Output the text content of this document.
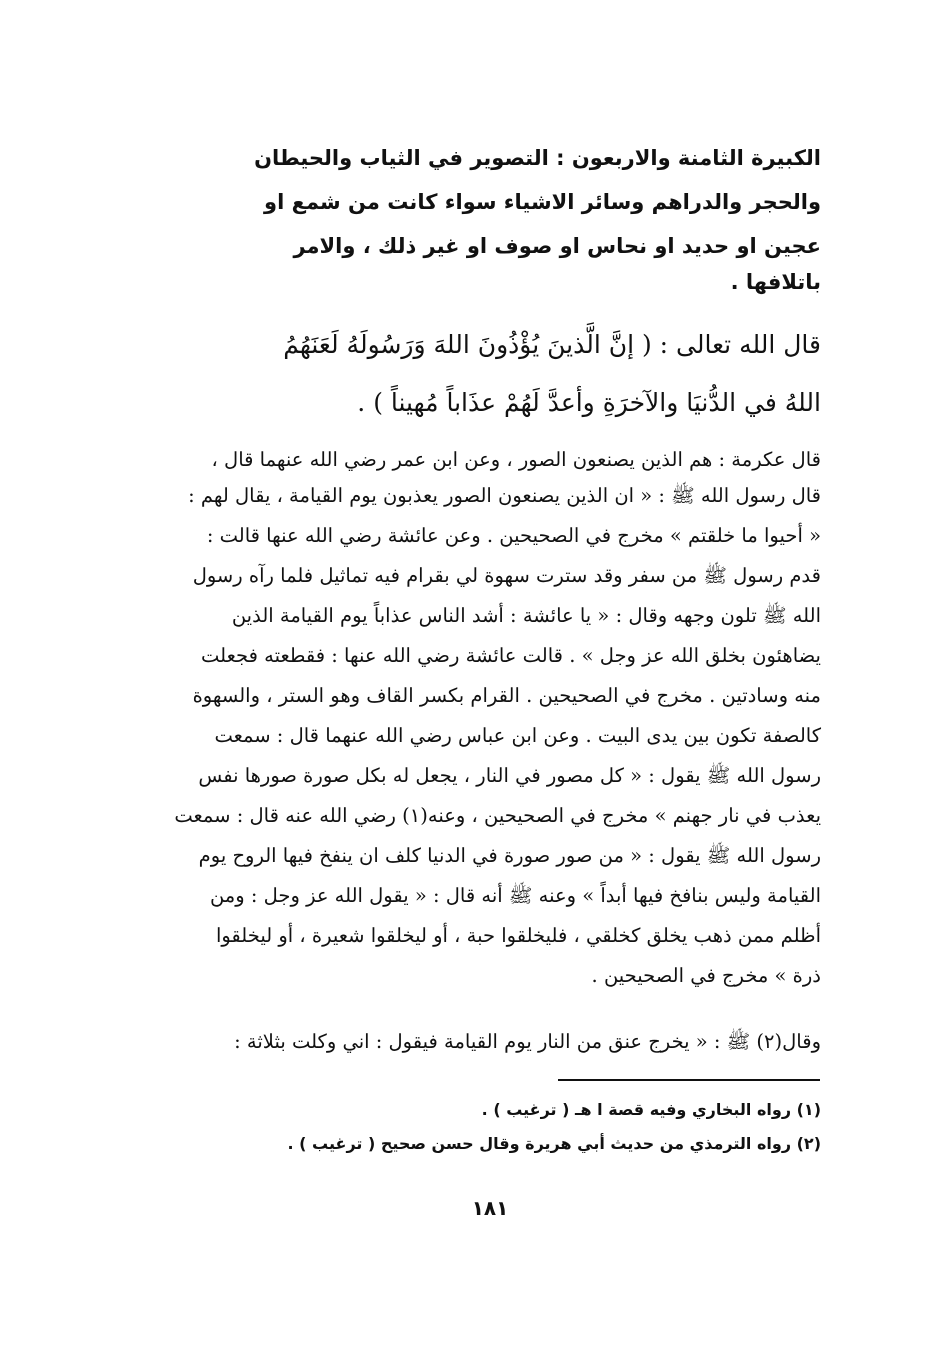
الكبيرة الثامنة والاربعون : التصوير في الثياب والحيطان
والحجر والدراهم وسائر الاشياء سواء كانت من شمع او
عجين او حديد او نحاس او صوف او غير ذلك ، والامر
باتلافها .
قال الله تعالى : ( إنَّ الَّذينَ يُؤْذُونَ اللهَ وَرَسُولَهُ لَعَنَهُمُ
اللهُ في الدُّنيَا والآخرَةِ وأعدَّ لَهُمْ عذَاباً مُهيناً ) .
قال عكرمة : هم الذين يصنعون الصور ، وعن ابن عمر رضي الله عنهما قال ،
قال رسول الله ﷺ : « ان الذين يصنعون الصور يعذبون يوم القيامة ، يقال لهم :
« أحيوا ما خلقتم » مخرج في الصحيحين . وعن عائشة رضي الله عنها قالت :
قدم رسول ﷺ من سفر وقد سترت سهوة لي بقرام فيه تماثيل فلما رآه رسول
الله ﷺ تلون وجهه وقال : « يا عائشة : أشد الناس عذاباً يوم القيامة الذين
يضاهئون بخلق الله عز وجل » . قالت عائشة رضي الله عنها : فقطعته فجعلت
منه وسادتين . مخرج في الصحيحين . القرام بكسر القاف وهو الستر ، والسهوة
كالصفة تكون بين يدى البيت . وعن ابن عباس رضي الله عنهما قال : سمعت
رسول الله ﷺ يقول : « كل مصور في النار ، يجعل له بكل صورة صورها نفس
يعذب في نار جهنم » مخرج في الصحيحين ، وعنه(١) رضي الله عنه قال : سمعت
رسول الله ﷺ يقول : « من صور صورة في الدنيا كلف ان ينفخ فيها الروح يوم
القيامة وليس بنافخ فيها أبداً » وعنه ﷺ أنه قال : « يقول الله عز وجل : ومن
أظلم ممن ذهب يخلق كخلقي ، فليخلقوا حبة ، أو ليخلقوا شعيرة ، أو ليخلقوا
ذرة » مخرج في الصحيحين .
وقال(٢) ﷺ : « يخرج عنق من النار يوم القيامة فيقول : اني وكلت بثلاثة :
(١) رواه البخاري وفيه قصة ا هـ ( ترغيب ) .
(٢) رواه الترمذي من حديث أبي هريرة وقال حسن صحيح ( ترغيب ) .
١٨١
